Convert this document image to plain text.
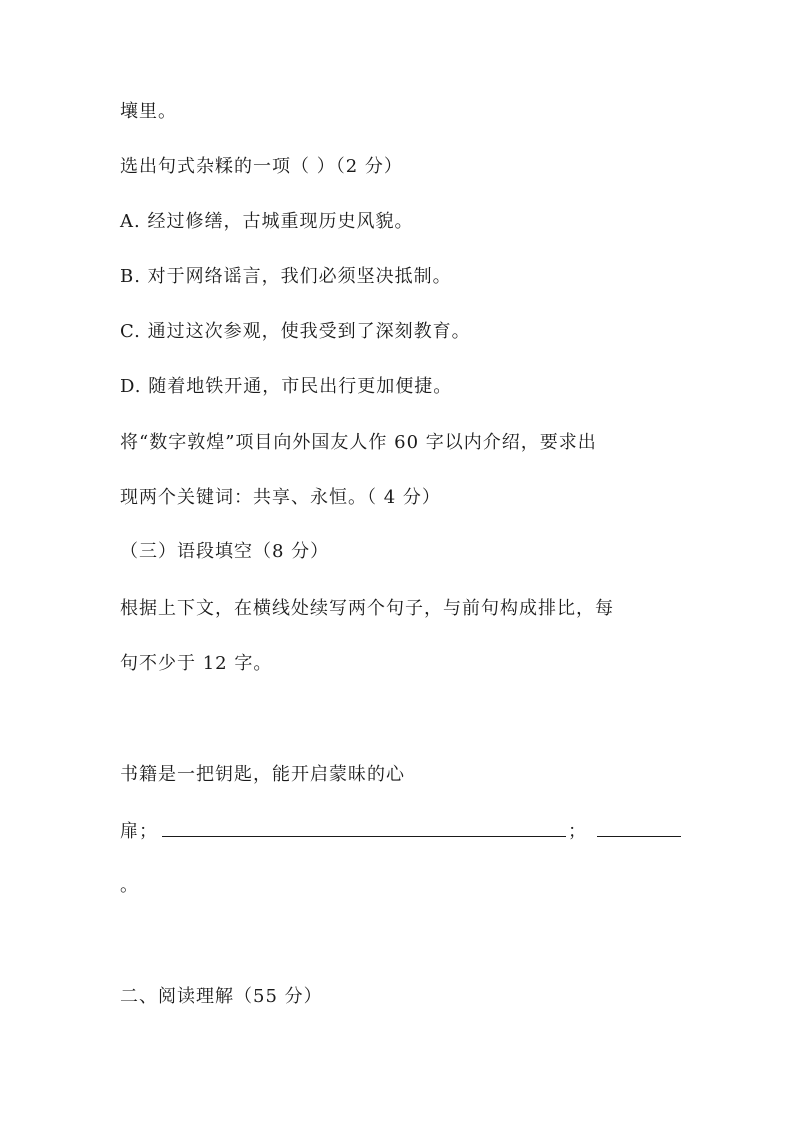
壤里。
选出句式杂糅的一项（ ）（2 分）
A. 经过修缮，古城重现历史风貌。
B. 对于网络谣言，我们必须坚决抵制。
C. 通过这次参观，使我受到了深刻教育。
D. 随着地铁开通，市民出行更加便捷。
将“数字敦煌”项目向外国友人作 60 字以内介绍，要求出
现两个关键词：共享、永恒。（ 4 分）
（三）语段填空（8 分）
根据上下文，在横线处续写两个句子，与前句构成排比，每
句不少于 12 字。
书籍是一把钥匙，能开启蒙昧的心
扉；	；
。
二、阅读理解（55 分）
